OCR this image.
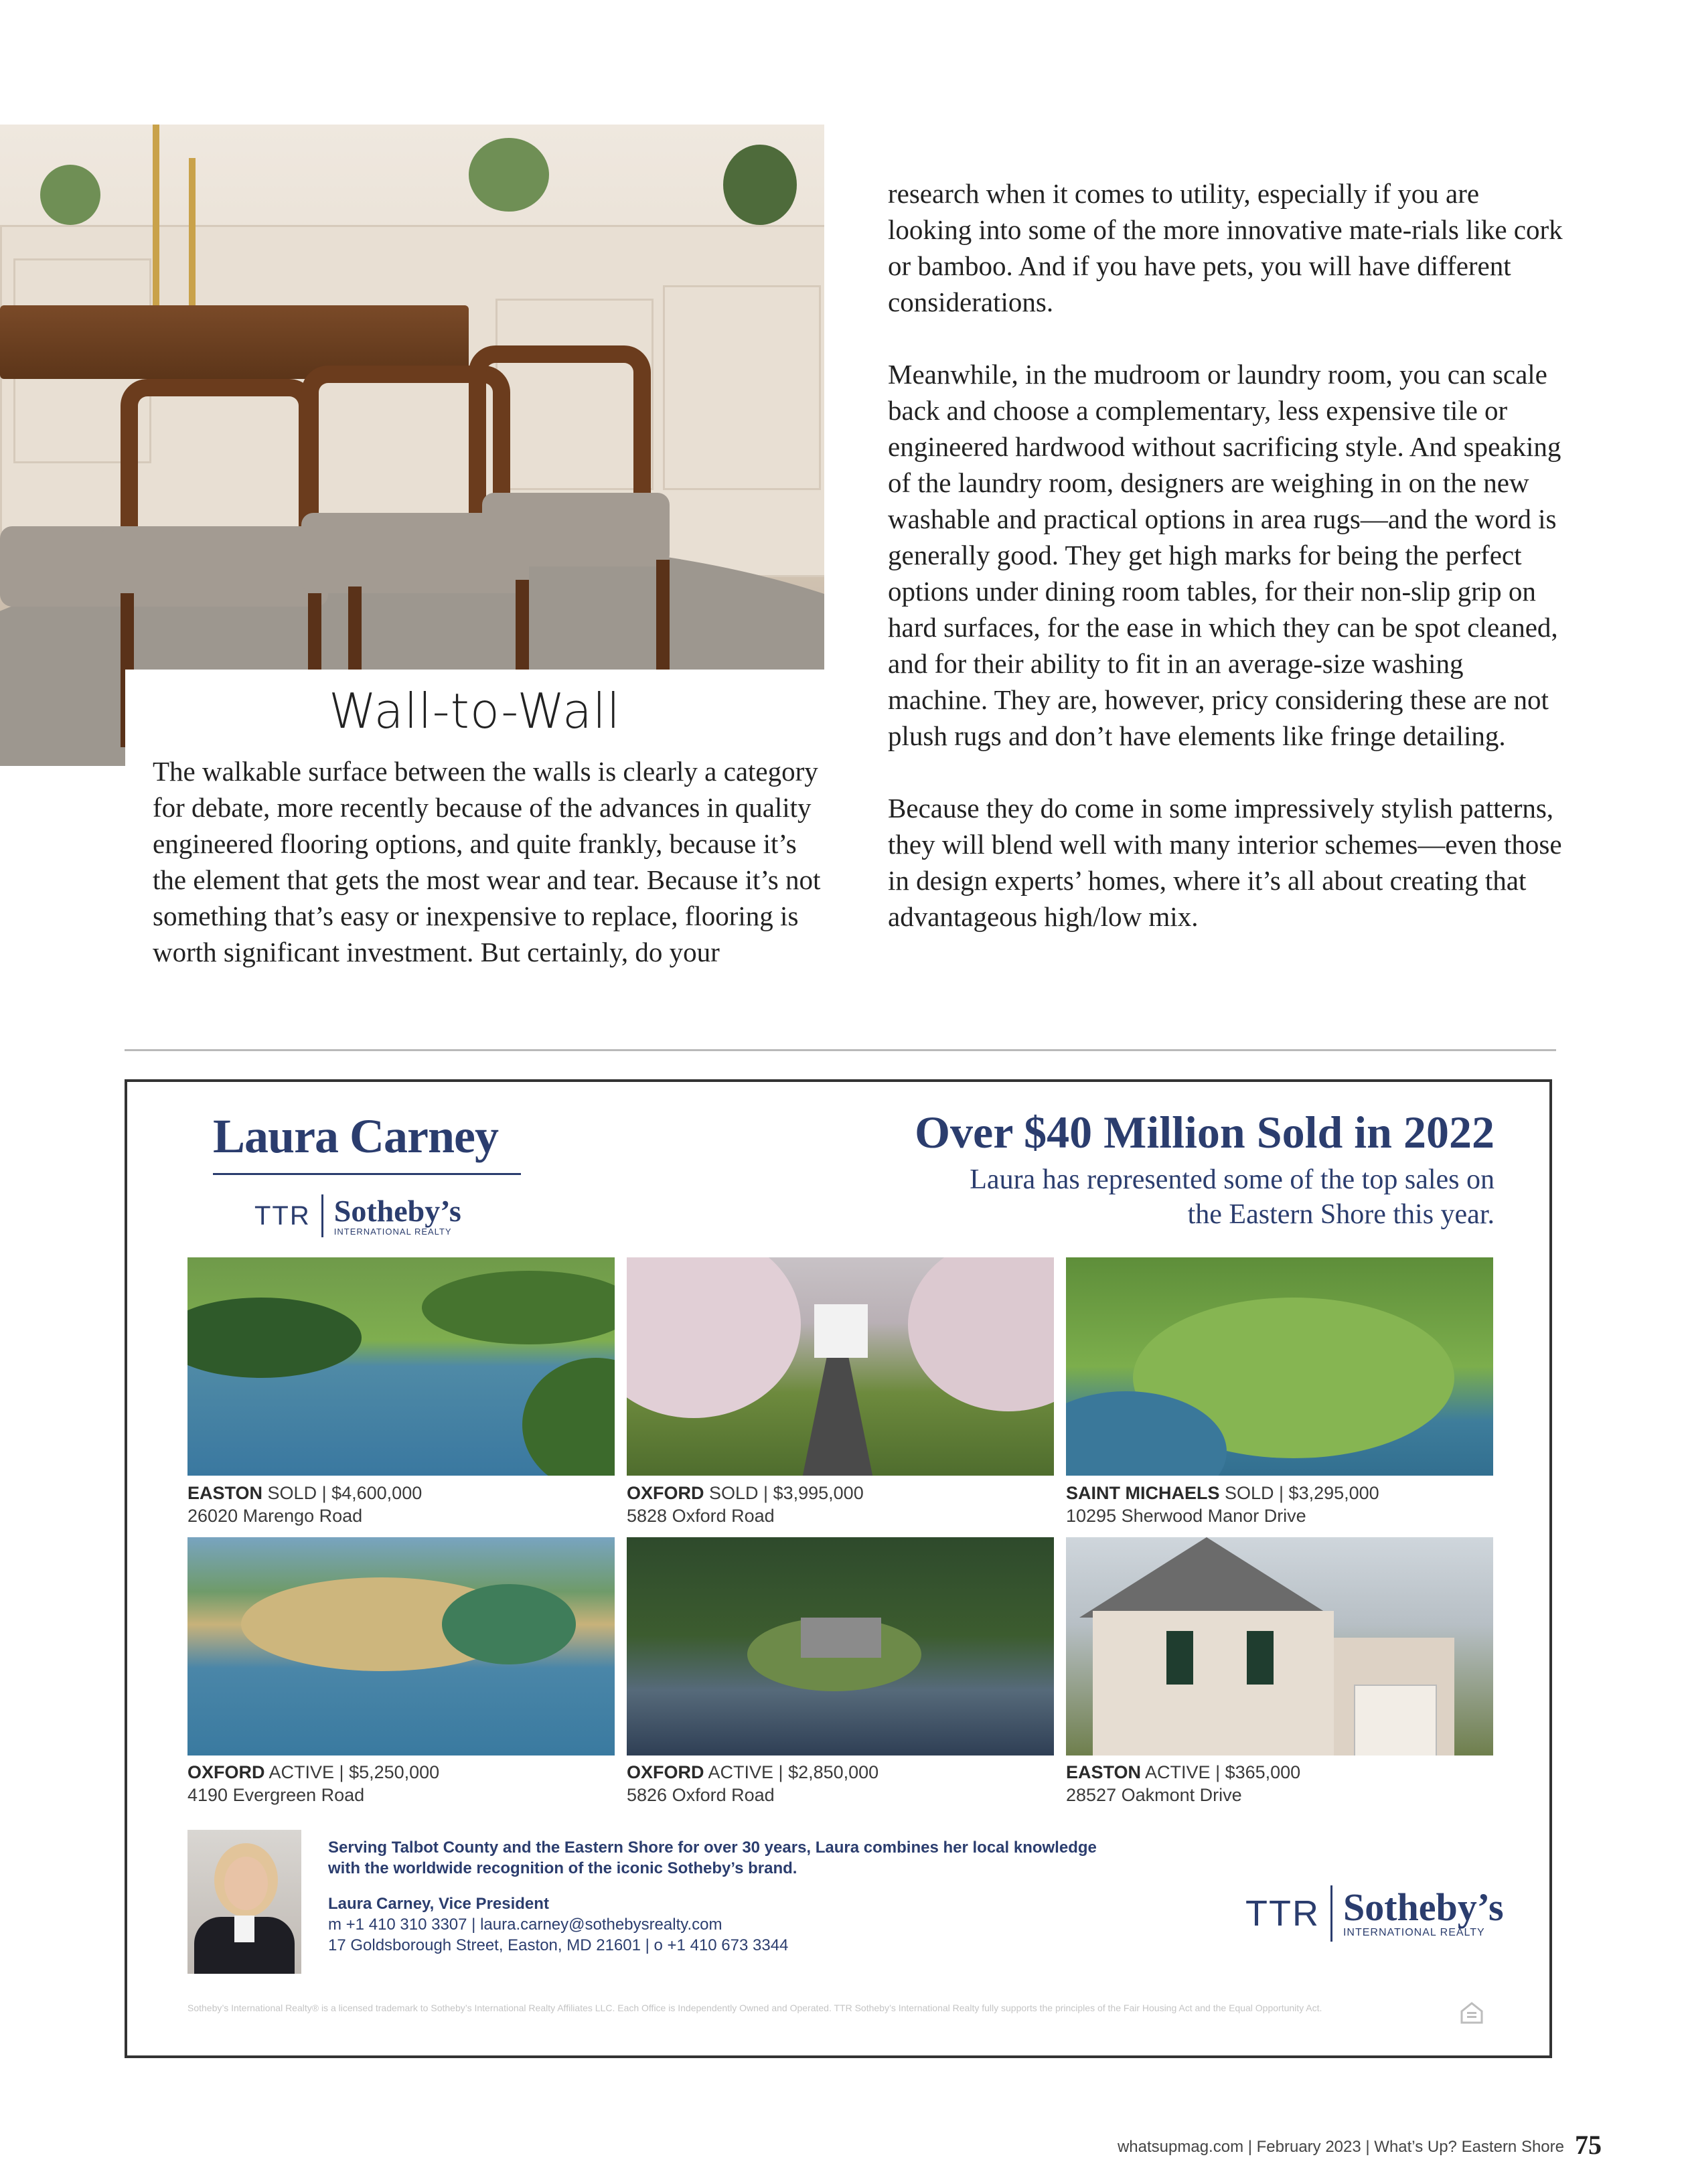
Wall-to-Wall

The walkable surface between the walls is clearly a category for debate, more recently because of the advances in quality engineered flooring options, and quite frankly, because it’s the element that gets the most wear and tear. Because it’s not something that’s easy or inexpensive to replace, flooring is worth significant investment. But certainly, do your

research when it comes to utility, especially if you are looking into some of the more innovative mate-rials like cork or bamboo. And if you have pets, you will have different considerations.

Meanwhile, in the mudroom or laundry room, you can scale back and choose a complementary, less expensive tile or engineered hardwood without sacrificing style. And speaking of the laundry room, designers are weighing in on the new washable and practical options in area rugs—and the word is generally good. They get high marks for being the perfect options under dining room tables, for their non-slip grip on hard surfaces, for the ease in which they can be spot cleaned, and for their ability to fit in an average-size washing machine. They are, however, pricy considering these are not plush rugs and don’t have elements like fringe detailing.

Because they do come in some impressively stylish patterns, they will blend well with many interior schemes—even those in design experts’ homes, where it’s all about creating that advantageous high/low mix.

Laura Carney
TTR Sotheby’s
INTERNATIONAL REALTY
Over $40 Million Sold in 2022

Laura has represented some of the top sales on the Eastern Shore this year.

EASTON SOLD | $4,600,000
26020 Marengo Road
OXFORD SOLD | $3,995,000
5828 Oxford Road
SAINT MICHAELS SOLD | $3,295,000
10295 Sherwood Manor Drive
OXFORD ACTIVE | $5,250,000
4190 Evergreen Road
OXFORD ACTIVE | $2,850,000
5826 Oxford Road
EASTON ACTIVE | $365,000
28527 Oakmont Drive

Serving Talbot County and the Eastern Shore for over 30 years, Laura combines her local knowledge with the worldwide recognition of the iconic Sotheby’s brand.

Laura Carney, Vice President

m +1 410 310 3307 | laura.carney@sothebysrealty.com

17 Goldsborough Street, Easton, MD 21601 | o +1 410 673 3344

TTR Sotheby’s
INTERNATIONAL REALTY
Sotheby’s International Realty® is a licensed trademark to Sotheby’s International Realty Affiliates LLC. Each Office is Independently Owned and Operated. TTR Sotheby’s International Realty fully supports the principles of the Fair Housing Act and the Equal Opportunity Act.
whatsupmag.com | February 2023 | What’s Up? Eastern Shore 75
